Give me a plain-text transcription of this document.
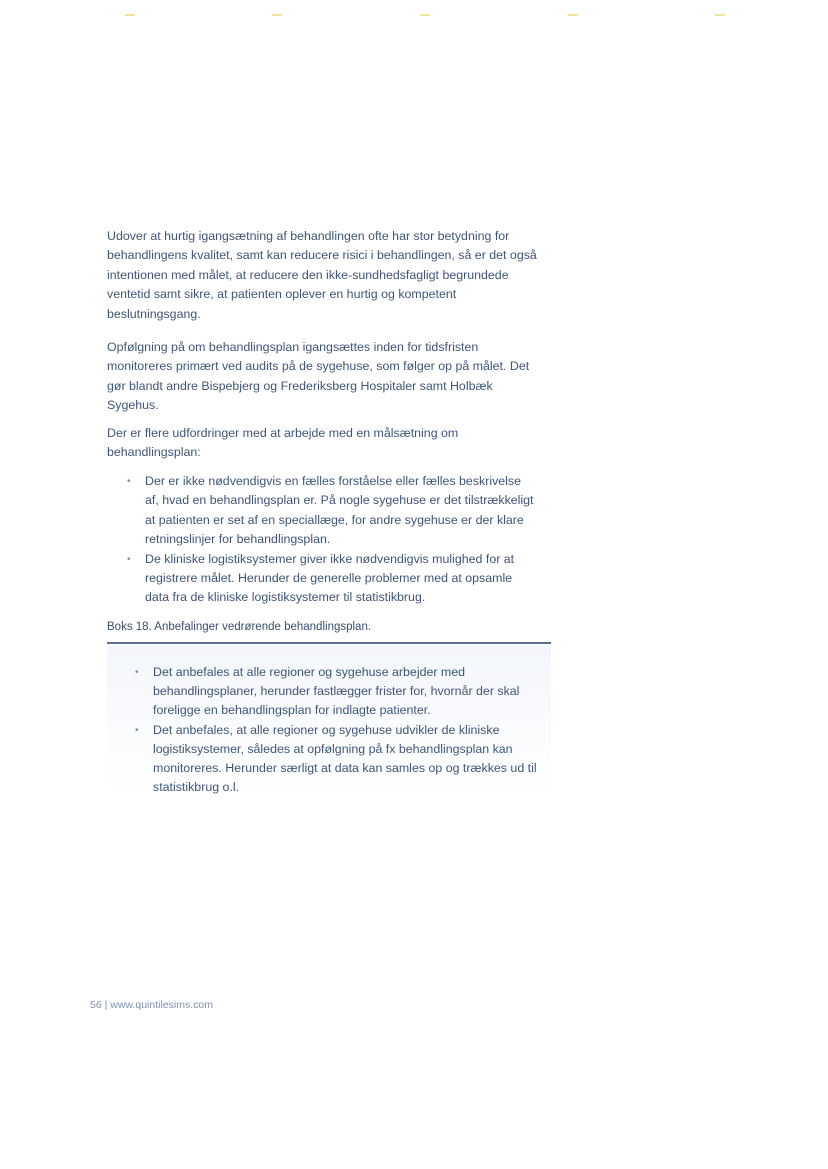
Udover at hurtig igangsætning af behandlingen ofte har stor betydning for behandlingens kvalitet, samt kan reducere risici i behandlingen, så er det også intentionen med målet, at reducere den ikke-sundhedsfagligt begrundede ventetid samt sikre, at patienten oplever en hurtig og kompetent beslutningsgang.

Opfølgning på om behandlingsplan igangsættes inden for tidsfristen monitoreres primært ved audits på de sygehuse, som følger op på målet. Det gør blandt andre Bispebjerg og Frederiksberg Hospitaler samt Holbæk Sygehus.

Der er flere udfordringer med at arbejde med en målsætning om behandlingsplan:

• Der er ikke nødvendigvis en fælles forståelse eller fælles beskrivelse af, hvad en behandlingsplan er. På nogle sygehuse er det tilstrækkeligt at patienten er set af en speciallæge, for andre sygehuse er der klare retningslinjer for behandlingsplan.
• De kliniske logistiksystemer giver ikke nødvendigvis mulighed for at registrere målet. Herunder de generelle problemer med at opsamle data fra de kliniske logistiksystemer til statistikbrug.
Boks 18. Anbefalinger vedrørende behandlingsplan.
• Det anbefales at alle regioner og sygehuse arbejder med behandlingsplaner, herunder fastlægger frister for, hvornår der skal foreligge en behandlingsplan for indlagte patienter.
• Det anbefales, at alle regioner og sygehuse udvikler de kliniske logistiksystemer, således at opfølgning på fx behandlingsplan kan monitoreres. Herunder særligt at data kan samles op og trækkes ud til statistikbrug o.l.
56 | www.quintilesims.com
